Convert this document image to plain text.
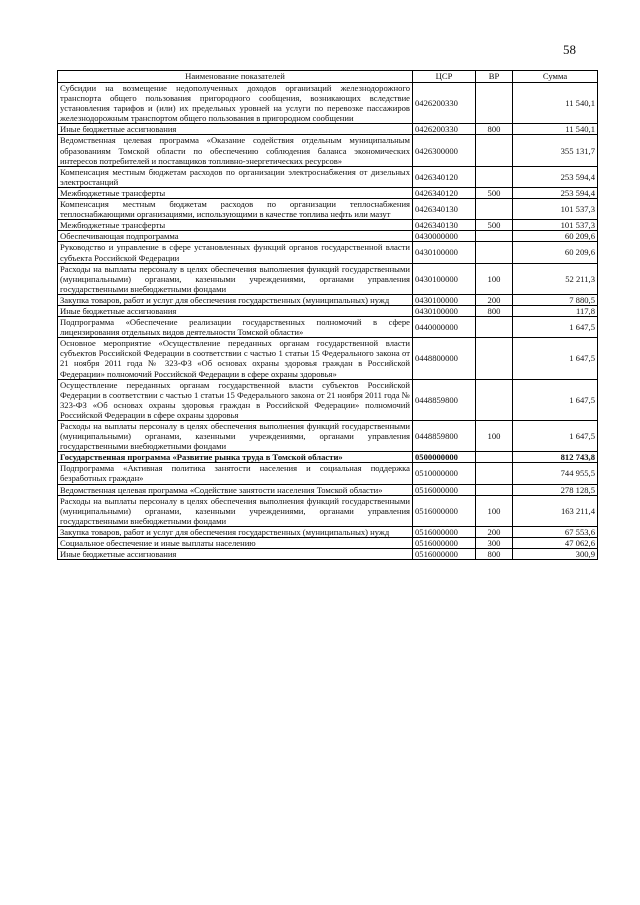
58
Наименование показателей	ЦСР	ВР	Сумма
Субсидии на возмещение недополученных доходов организаций железнодорожного транспорта общего пользования пригородного сообщения, возникающих вследствие установления тарифов и (или) их предельных уровней на услуги по перевозке пассажиров железнодорожным транспортом общего пользования в пригородном сообщении	0426200330		11 540,1
Иные бюджетные ассигнования	0426200330	800	11 540,1
Ведомственная целевая программа «Оказание содействия отдельным муниципальным образованиям Томской области по обеспечению соблюдения баланса экономических интересов потребителей и поставщиков топливно-энергетических ресурсов»	0426300000		355 131,7
Компенсация местным бюджетам расходов по организации электроснабжения от дизельных электростанций	0426340120		253 594,4
Межбюджетные трансферты	0426340120	500	253 594,4
Компенсация местным бюджетам расходов по организации теплоснабжения теплоснабжающими организациями, использующими в качестве топлива нефть или мазут	0426340130		101 537,3
Межбюджетные трансферты	0426340130	500	101 537,3
Обеспечивающая подпрограмма	0430000000		60 209,6
Руководство и управление в сфере установленных функций органов государственной власти субъекта Российской Федерации	0430100000		60 209,6
Расходы на выплаты персоналу в целях обеспечения выполнения функций государственными (муниципальными) органами, казенными учреждениями, органами управления государственными внебюджетными фондами	0430100000	100	52 211,3
Закупка товаров, работ и услуг для обеспечения государственных (муниципальных) нужд	0430100000	200	7 880,5
Иные бюджетные ассигнования	0430100000	800	117,8
Подпрограмма «Обеспечение реализации государственных полномочий в сфере лицензирования отдельных видов деятельности Томской области»	0440000000		1 647,5
Основное мероприятие «Осуществление переданных органам государственной власти субъектов Российской Федерации в соответствии с частью 1 статьи 15 Федерального закона от 21 ноября 2011 года № 323-ФЗ «Об основах охраны здоровья граждан в Российской Федерации» полномочий Российской Федерации в сфере охраны здоровья»	0448800000		1 647,5
Осуществление переданных органам государственной власти субъектов Российской Федерации в соответствии с частью 1 статьи 15 Федерального закона от 21 ноября 2011 года № 323-ФЗ «Об основах охраны здоровья граждан в Российской Федерации» полномочий Российской Федерации в сфере охраны здоровья	0448859800		1 647,5
Расходы на выплаты персоналу в целях обеспечения выполнения функций государственными (муниципальными) органами, казенными учреждениями, органами управления государственными внебюджетными фондами	0448859800	100	1 647,5
Государственная программа «Развитие рынка труда в Томской области»	0500000000		812 743,8
Подпрограмма «Активная политика занятости населения и социальная поддержка безработных граждан»	0510000000		744 955,5
Ведомственная целевая программа «Содействие занятости населения Томской области»	0516000000		278 128,5
Расходы на выплаты персоналу в целях обеспечения выполнения функций государственными (муниципальными) органами, казенными учреждениями, органами управления государственными внебюджетными фондами	0516000000	100	163 211,4
Закупка товаров, работ и услуг для обеспечения государственных (муниципальных) нужд	0516000000	200	67 553,6
Социальное обеспечение и иные выплаты населению	0516000000	300	47 062,6
Иные бюджетные ассигнования	0516000000	800	300,9
